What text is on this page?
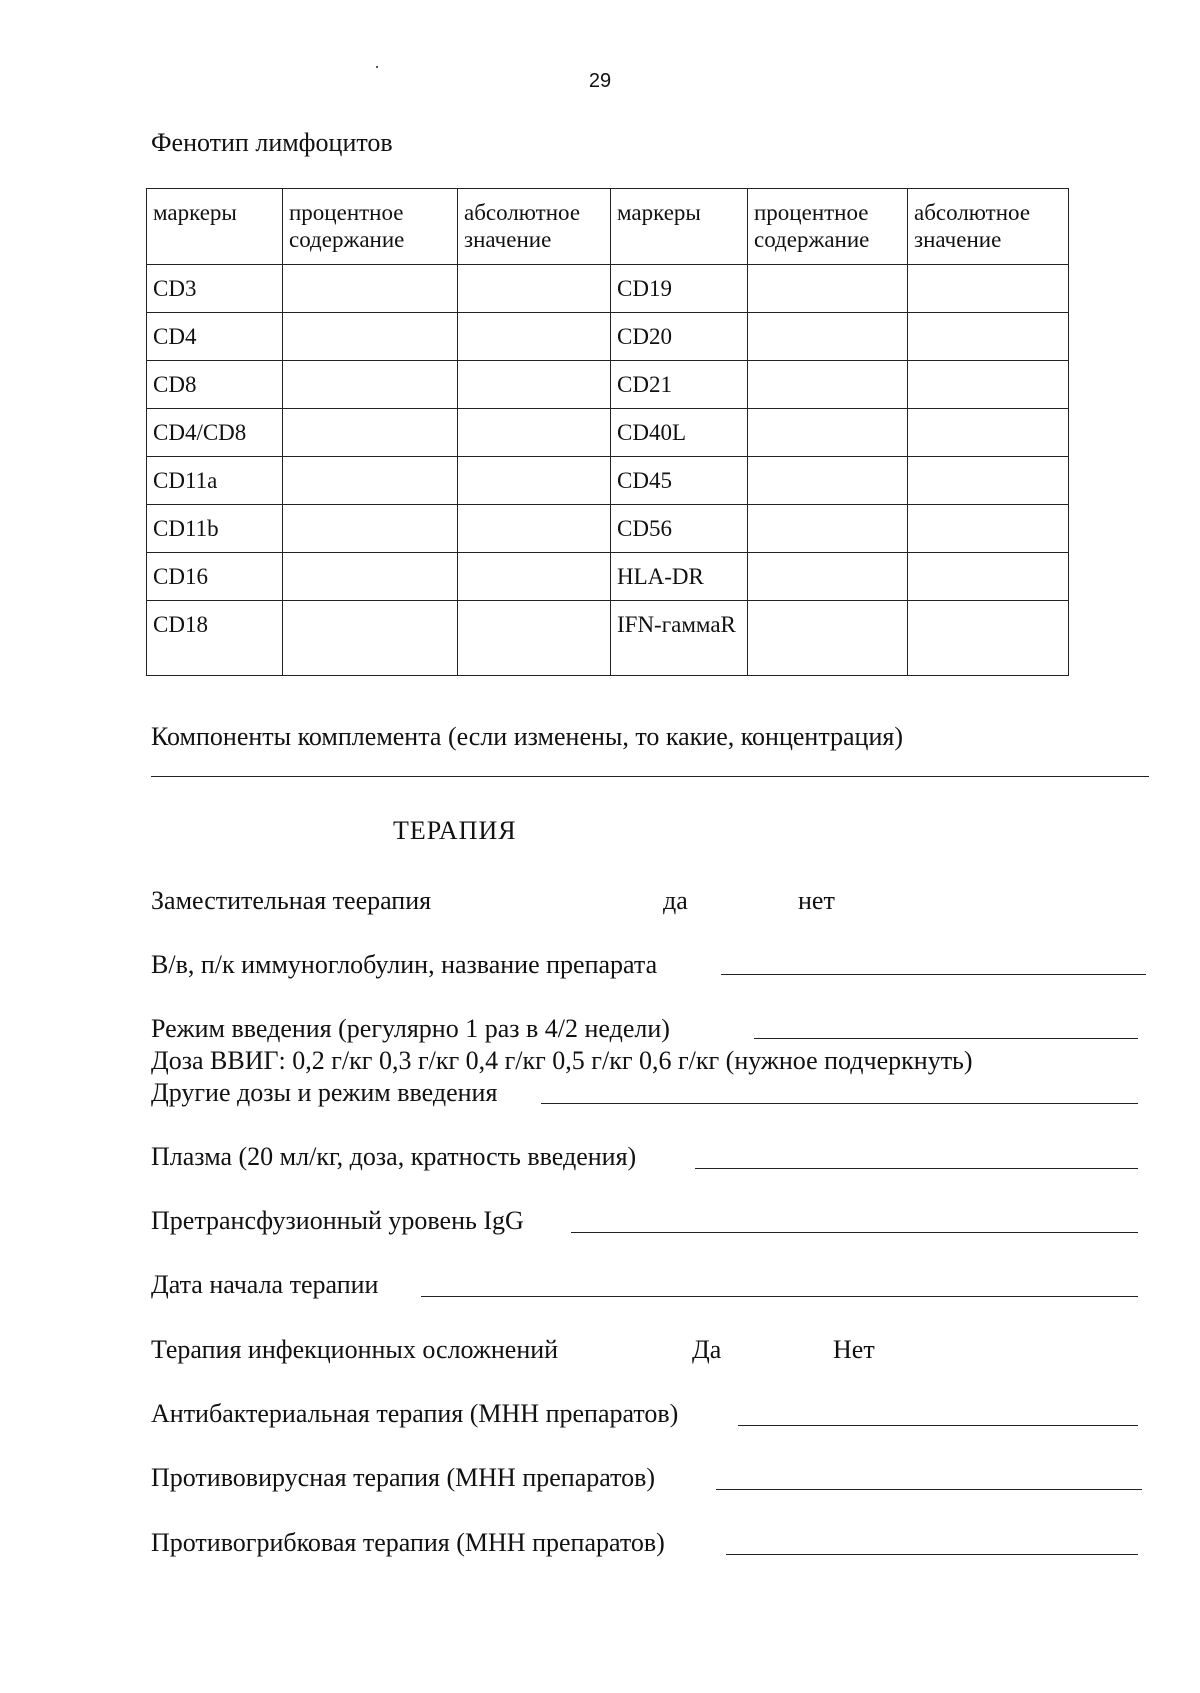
29
Фенотип лимфоцитов
маркеры	процентное содержание	абсолютное значение	маркеры	процентное содержание	абсолютное значение
CD3			CD19		
CD4			CD20		
CD8			CD21		
CD4/CD8			CD40L		
CD11a			CD45		
CD11b			CD56		
CD16			HLA-DR		
CD18			IFN-гаммаR		
Компоненты комплемента (если изменены, то какие, концентрация)
ТЕРАПИЯ
Заместительная теерапия	да	нет
В/в, п/к иммуноглобулин, название препарата
Режим введения (регулярно 1 раз в 4/2 недели)
Доза ВВИГ: 0,2 г/кг 0,3 г/кг 0,4 г/кг 0,5 г/кг 0,6 г/кг (нужное подчеркнуть)
Другие дозы и режим введения
Плазма (20 мл/кг, доза, кратность введения)
Претрансфузионный уровень IgG
Дата начала терапии
Терапия инфекционных осложнений	Да	Нет
Антибактериальная терапия (МНН препаратов)
Противовирусная терапия (МНН препаратов)
Противогрибковая терапия (МНН препаратов)
